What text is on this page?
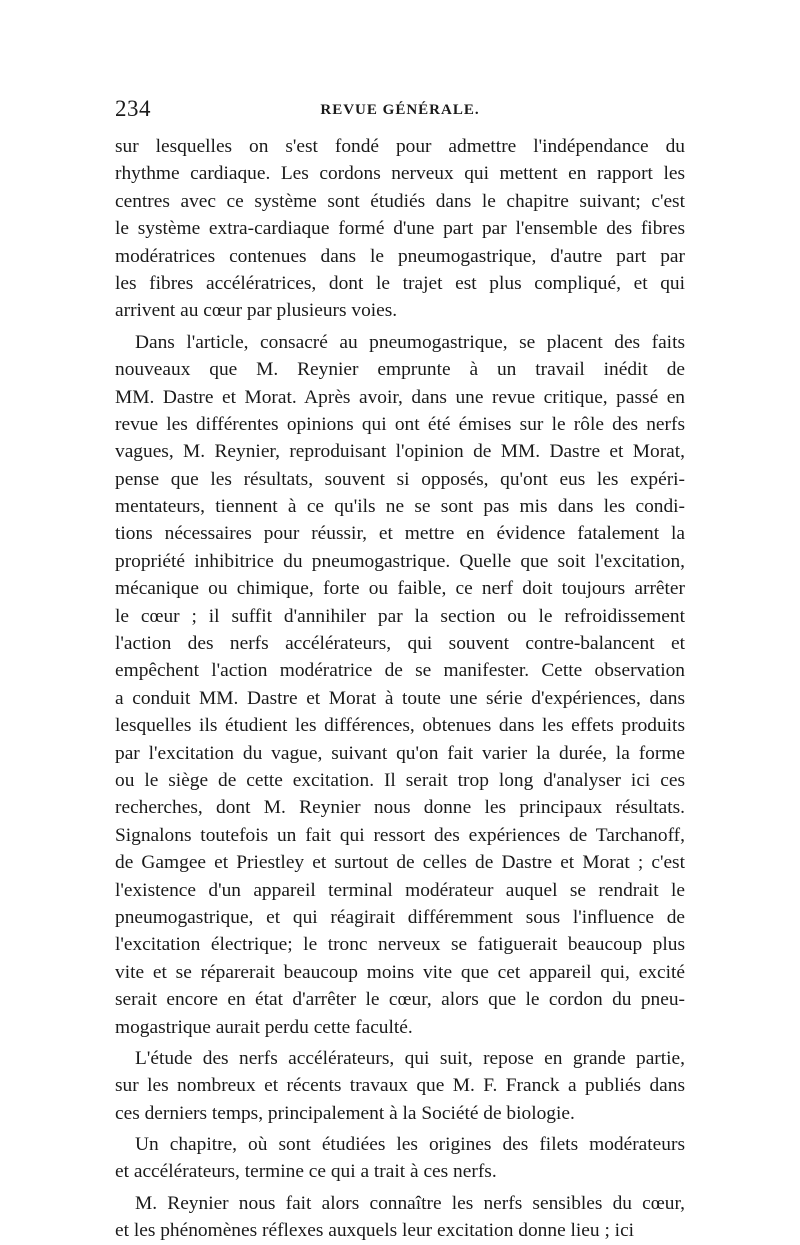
234	REVUE GÉNÉRALE.
sur lesquelles on s'est fondé pour admettre l'indépendance du
rhythme cardiaque. Les cordons nerveux qui mettent en rapport les
centres avec ce système sont étudiés dans le chapitre suivant; c'est
le système extra-cardiaque formé d'une part par l'ensemble des fibres
modératrices contenues dans le pneumogastrique, d'autre part par
les fibres accélératrices, dont le trajet est plus compliqué, et qui
arrivent au cœur par plusieurs voies.
Dans l'article, consacré au pneumogastrique, se placent des faits
nouveaux que M. Reynier emprunte à un travail inédit de
MM. Dastre et Morat. Après avoir, dans une revue critique, passé en
revue les différentes opinions qui ont été émises sur le rôle des nerfs
vagues, M. Reynier, reproduisant l'opinion de MM. Dastre et Morat,
pense que les résultats, souvent si opposés, qu'ont eus les expéri-
mentateurs, tiennent à ce qu'ils ne se sont pas mis dans les condi-
tions nécessaires pour réussir, et mettre en évidence fatalement la
propriété inhibitrice du pneumogastrique. Quelle que soit l'excitation,
mécanique ou chimique, forte ou faible, ce nerf doit toujours arrêter
le cœur ; il suffit d'annihiler par la section ou le refroidissement
l'action des nerfs accélérateurs, qui souvent contre-balancent et
empêchent l'action modératrice de se manifester. Cette observation
a conduit MM. Dastre et Morat à toute une série d'expériences, dans
lesquelles ils étudient les différences, obtenues dans les effets produits
par l'excitation du vague, suivant qu'on fait varier la durée, la forme
ou le siège de cette excitation. Il serait trop long d'analyser ici ces
recherches, dont M. Reynier nous donne les principaux résultats.
Signalons toutefois un fait qui ressort des expériences de Tarchanoff,
de Gamgee et Priestley et surtout de celles de Dastre et Morat ; c'est
l'existence d'un appareil terminal modérateur auquel se rendrait le
pneumogastrique, et qui réagirait différemment sous l'influence de
l'excitation électrique; le tronc nerveux se fatiguerait beaucoup plus
vite et se réparerait beaucoup moins vite que cet appareil qui, excité
serait encore en état d'arrêter le cœur, alors que le cordon du pneu-
mogastrique aurait perdu cette faculté.
L'étude des nerfs accélérateurs, qui suit, repose en grande partie,
sur les nombreux et récents travaux que M. F. Franck a publiés dans
ces derniers temps, principalement à la Société de biologie.
Un chapitre, où sont étudiées les origines des filets modérateurs
et accélérateurs, termine ce qui a trait à ces nerfs.
M. Reynier nous fait alors connaître les nerfs sensibles du cœur,
et les phénomènes réflexes auxquels leur excitation donne lieu ; ici
